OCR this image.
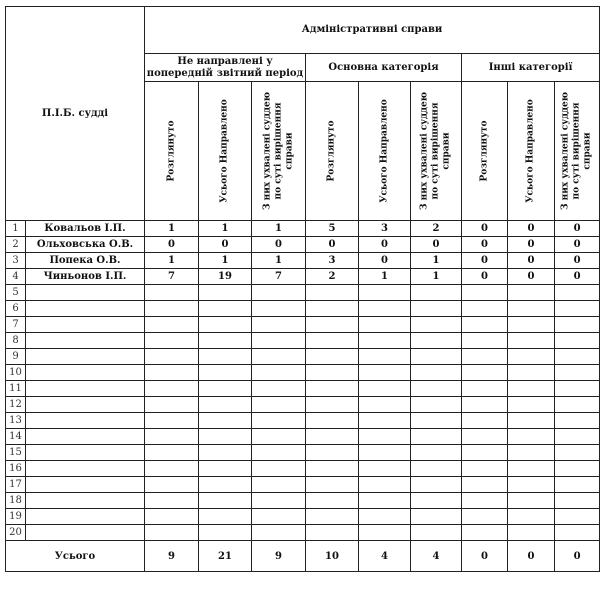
П.І.Б. судді		Адміністративні справи								
		Не направлені у попередній звітний період			Основна категорія			Інші категорії		

		Розглянуто	Усього Направлено	З них ухвалені суддею по суті вирішення справи	Розглянуто	Усього Направлено	З них ухвалені суддею по суті вирішення справи	Розглянуто	Усього Направлено	З них ухвалені суддею по суті вирішення справи

1	Ковальов І.П.	1	1	1	5	3	2	0	0	0
2	Ольховська О.В.	0	0	0	0	0	0	0	0	0
3	Попека О.В.	1	1	1	3	0	1	0	0	0
4	Чиньонов І.П.	7	19	7	2	1	1	0	0	0
5										
6										
7										
8										
9										
10										
11										
12										
13										
14										
15										
16										
17										
18										
19										
20										
Усього		9	21	9	10	4	4	0	0	0
